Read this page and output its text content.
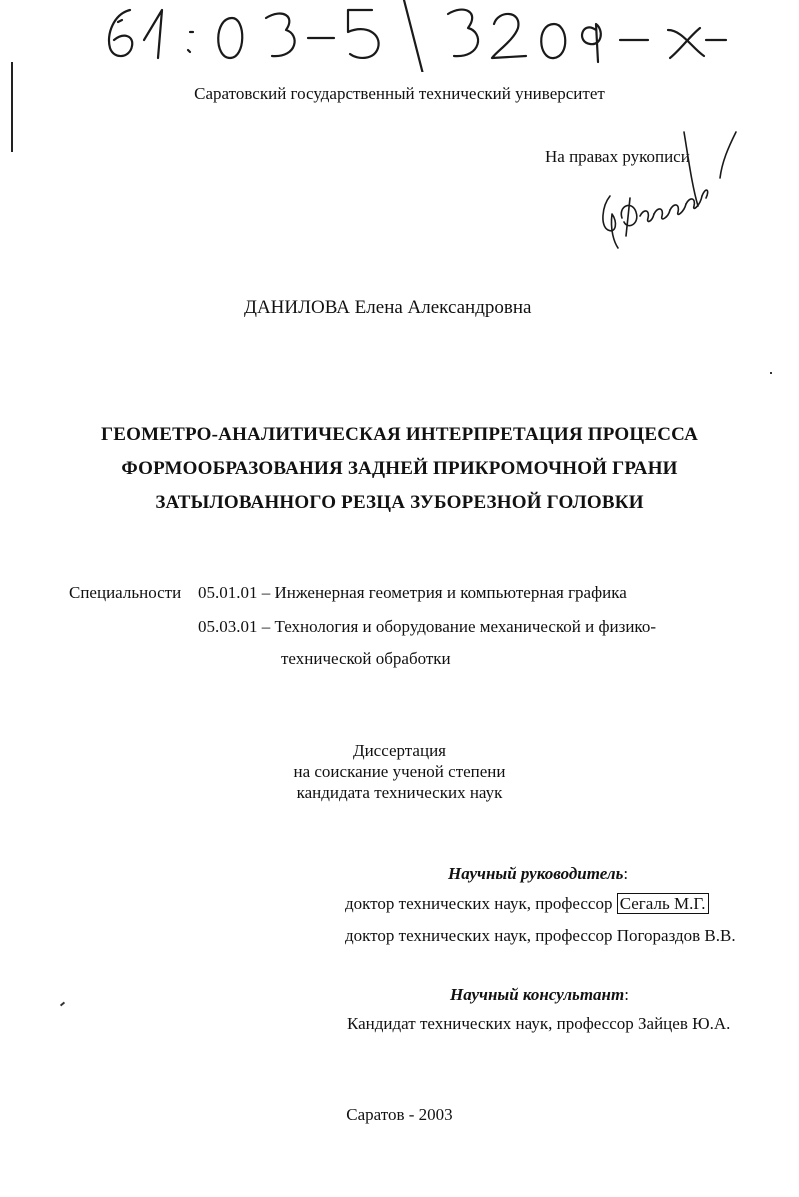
Саратовский государственный технический университет
На правах рукописи
ДАНИЛОВА Елена Александровна
ГЕОМЕТРО-АНАЛИТИЧЕСКАЯ ИНТЕРПРЕТАЦИЯ ПРОЦЕССА
ФОРМООБРАЗОВАНИЯ ЗАДНЕЙ ПРИКРОМОЧНОЙ ГРАНИ
ЗАТЫЛОВАННОГО РЕЗЦА ЗУБОРЕЗНОЙ ГОЛОВКИ
Специальности 05.01.01 – Инженерная геометрия и компьютерная графика
05.03.01 – Технология и оборудование механической и физико-
технической обработки
Диссертация
на соискание ученой степени
кандидата технических наук
Научный руководитель:
доктор технических наук, профессор Сегаль М.Г.
доктор технических наук, профессор Погораздов В.В.
Научный консультант:
Кандидат технических наук, профессор Зайцев Ю.А.
Саратов - 2003
